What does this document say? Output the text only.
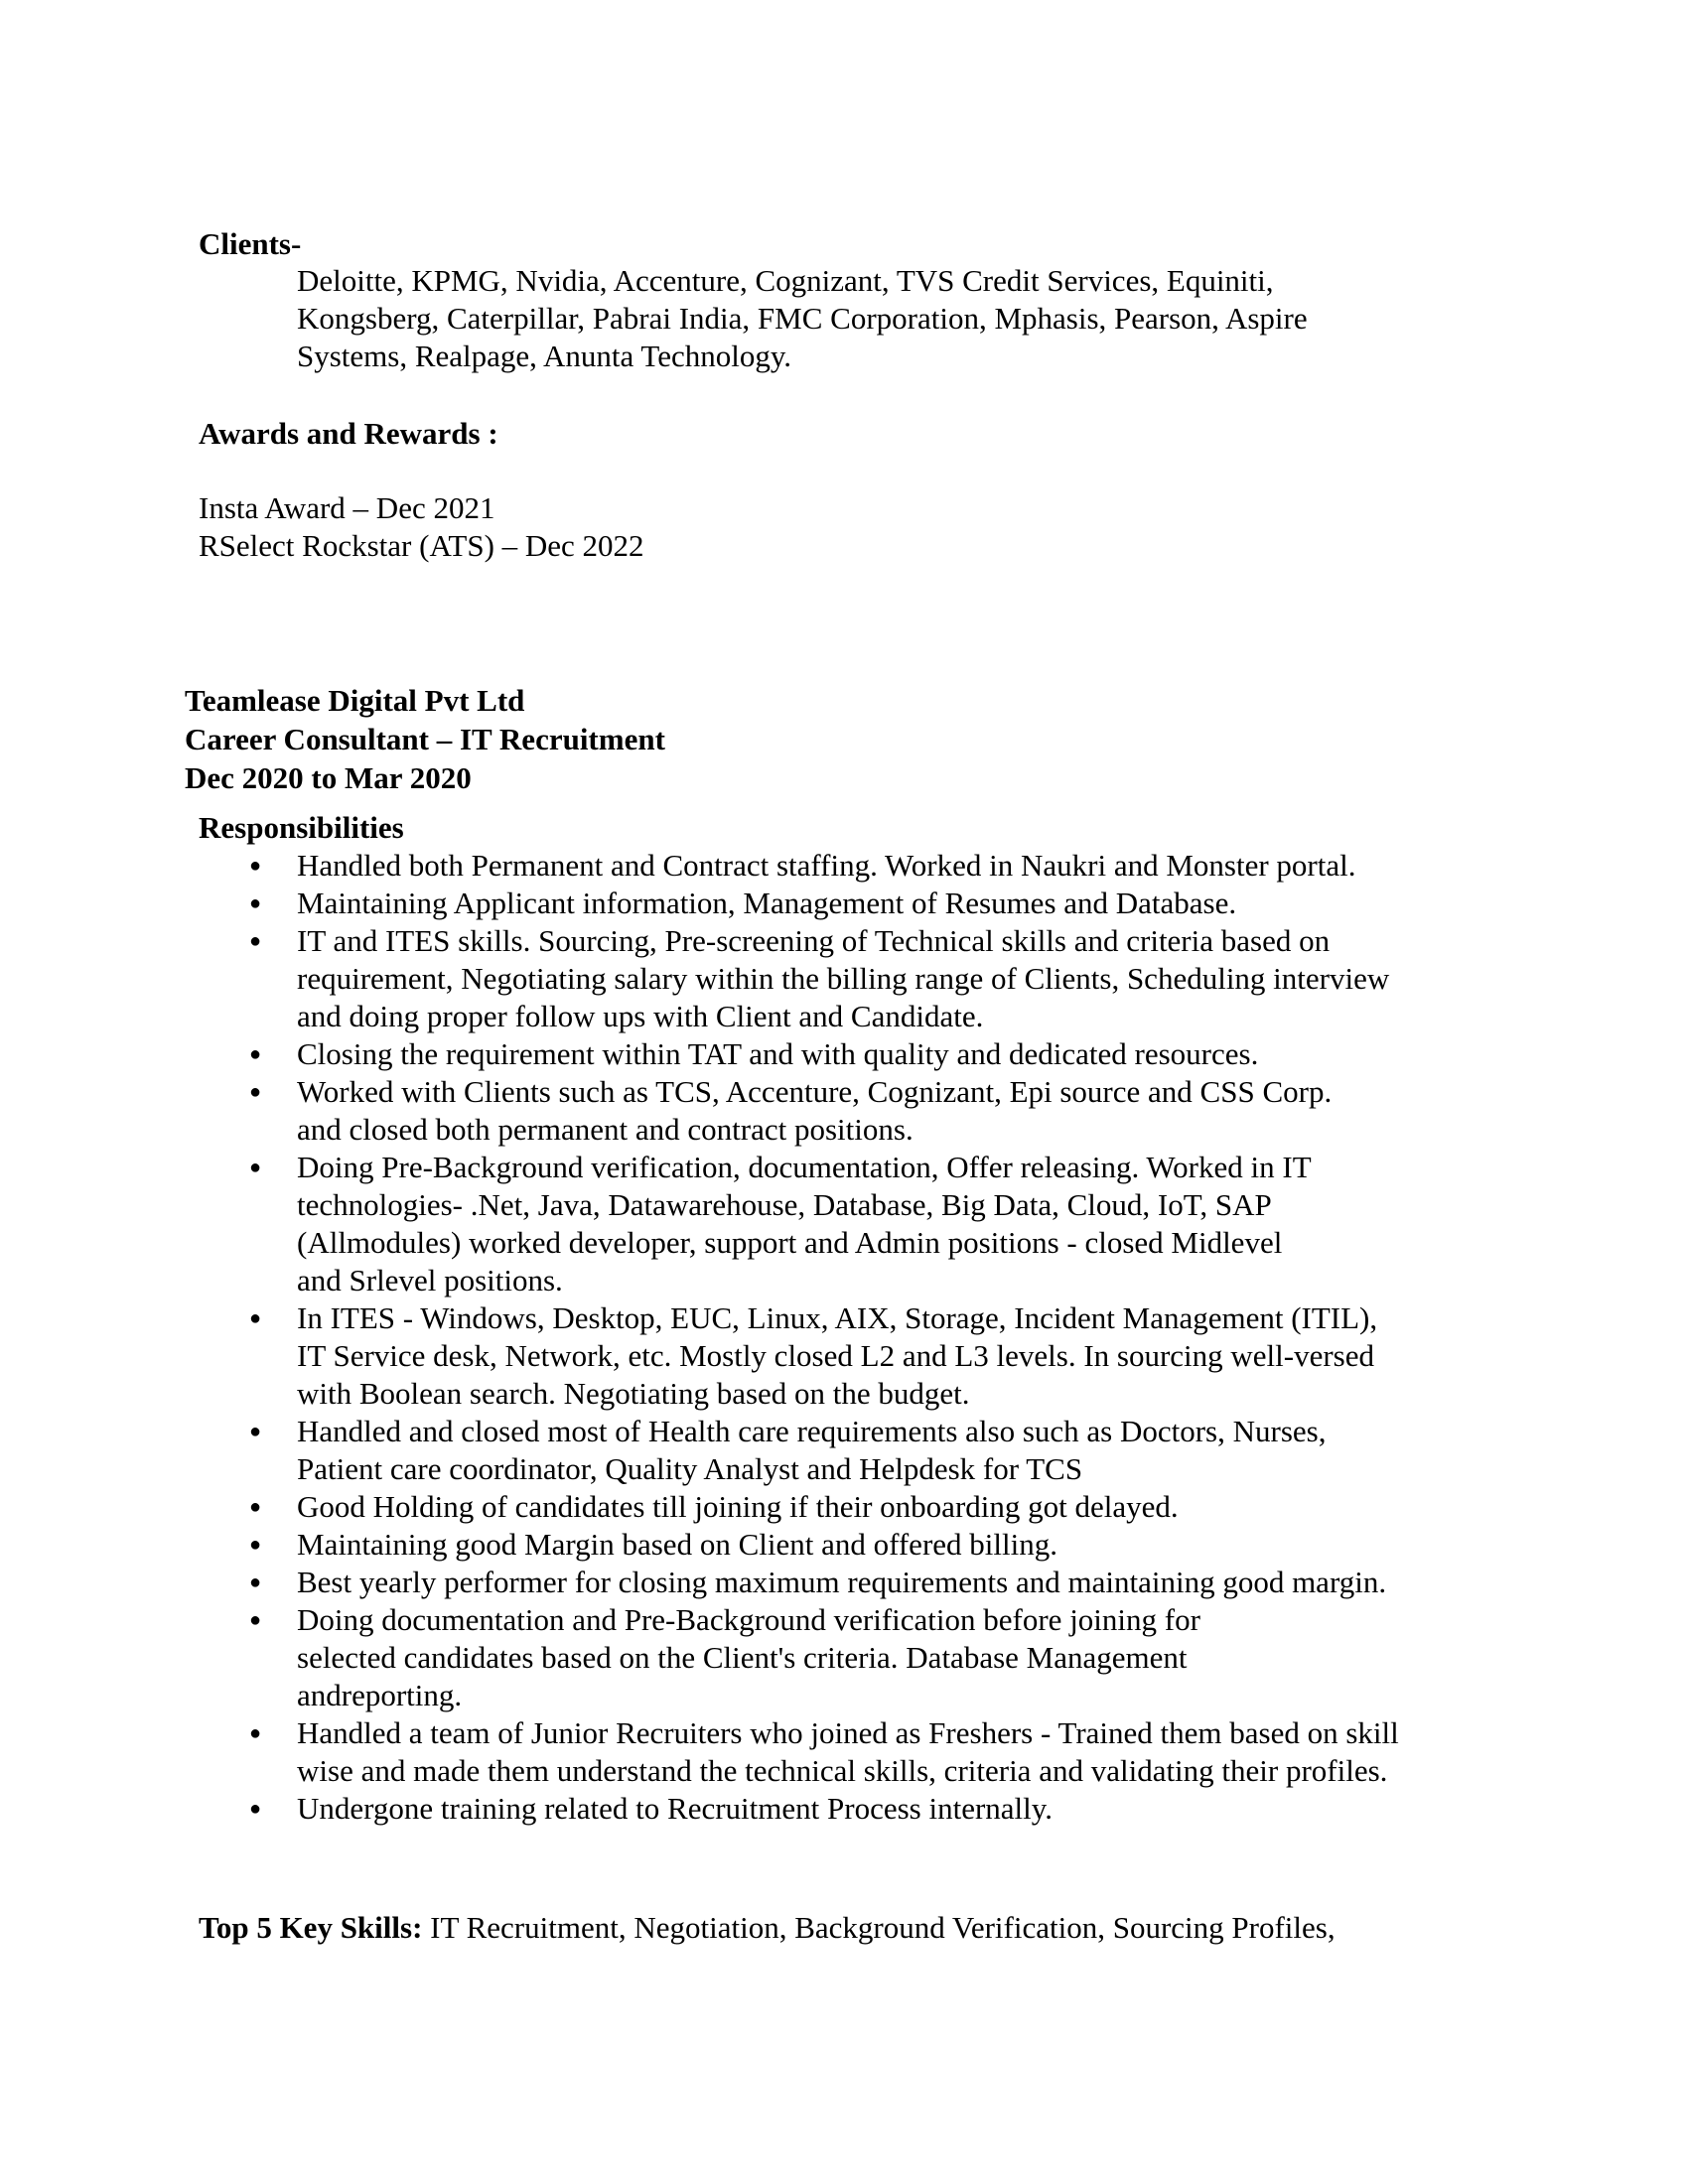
Clients-
Deloitte, KPMG, Nvidia, Accenture, Cognizant, TVS Credit Services, Equiniti,
Kongsberg, Caterpillar, Pabrai India, FMC Corporation, Mphasis, Pearson, Aspire
Systems, Realpage, Anunta Technology.
Awards and Rewards :
Insta Award – Dec 2021
RSelect Rockstar (ATS) – Dec 2022
Teamlease Digital Pvt Ltd
Career Consultant – IT Recruitment
Dec 2020 to Mar 2020
Responsibilities
● Handled both Permanent and Contract staffing. Worked in Naukri and Monster portal.
● Maintaining Applicant information, Management of Resumes and Database.
● IT and ITES skills. Sourcing, Pre-screening of Technical skills and criteria based on
requirement, Negotiating salary within the billing range of Clients, Scheduling interview
and doing proper follow ups with Client and Candidate.
● Closing the requirement within TAT and with quality and dedicated resources.
● Worked with Clients such as TCS, Accenture, Cognizant, Epi source and CSS Corp.
and closed both permanent and contract positions.
● Doing Pre-Background verification, documentation, Offer releasing. Worked in IT
technologies- .Net, Java, Datawarehouse, Database, Big Data, Cloud, IoT, SAP
(Allmodules) worked developer, support and Admin positions - closed Midlevel
and Srlevel positions.
● In ITES - Windows, Desktop, EUC, Linux, AIX, Storage, Incident Management (ITIL),
IT Service desk, Network, etc. Mostly closed L2 and L3 levels. In sourcing well-versed
with Boolean search. Negotiating based on the budget.
● Handled and closed most of Health care requirements also such as Doctors, Nurses,
Patient care coordinator, Quality Analyst and Helpdesk for TCS
● Good Holding of candidates till joining if their onboarding got delayed.
● Maintaining good Margin based on Client and offered billing.
● Best yearly performer for closing maximum requirements and maintaining good margin.
● Doing documentation and Pre-Background verification before joining for
selected candidates based on the Client's criteria. Database Management
andreporting.
● Handled a team of Junior Recruiters who joined as Freshers - Trained them based on skill
wise and made them understand the technical skills, criteria and validating their profiles.
● Undergone training related to Recruitment Process internally.
Top 5 Key Skills: IT Recruitment, Negotiation, Background Verification, Sourcing Profiles,
